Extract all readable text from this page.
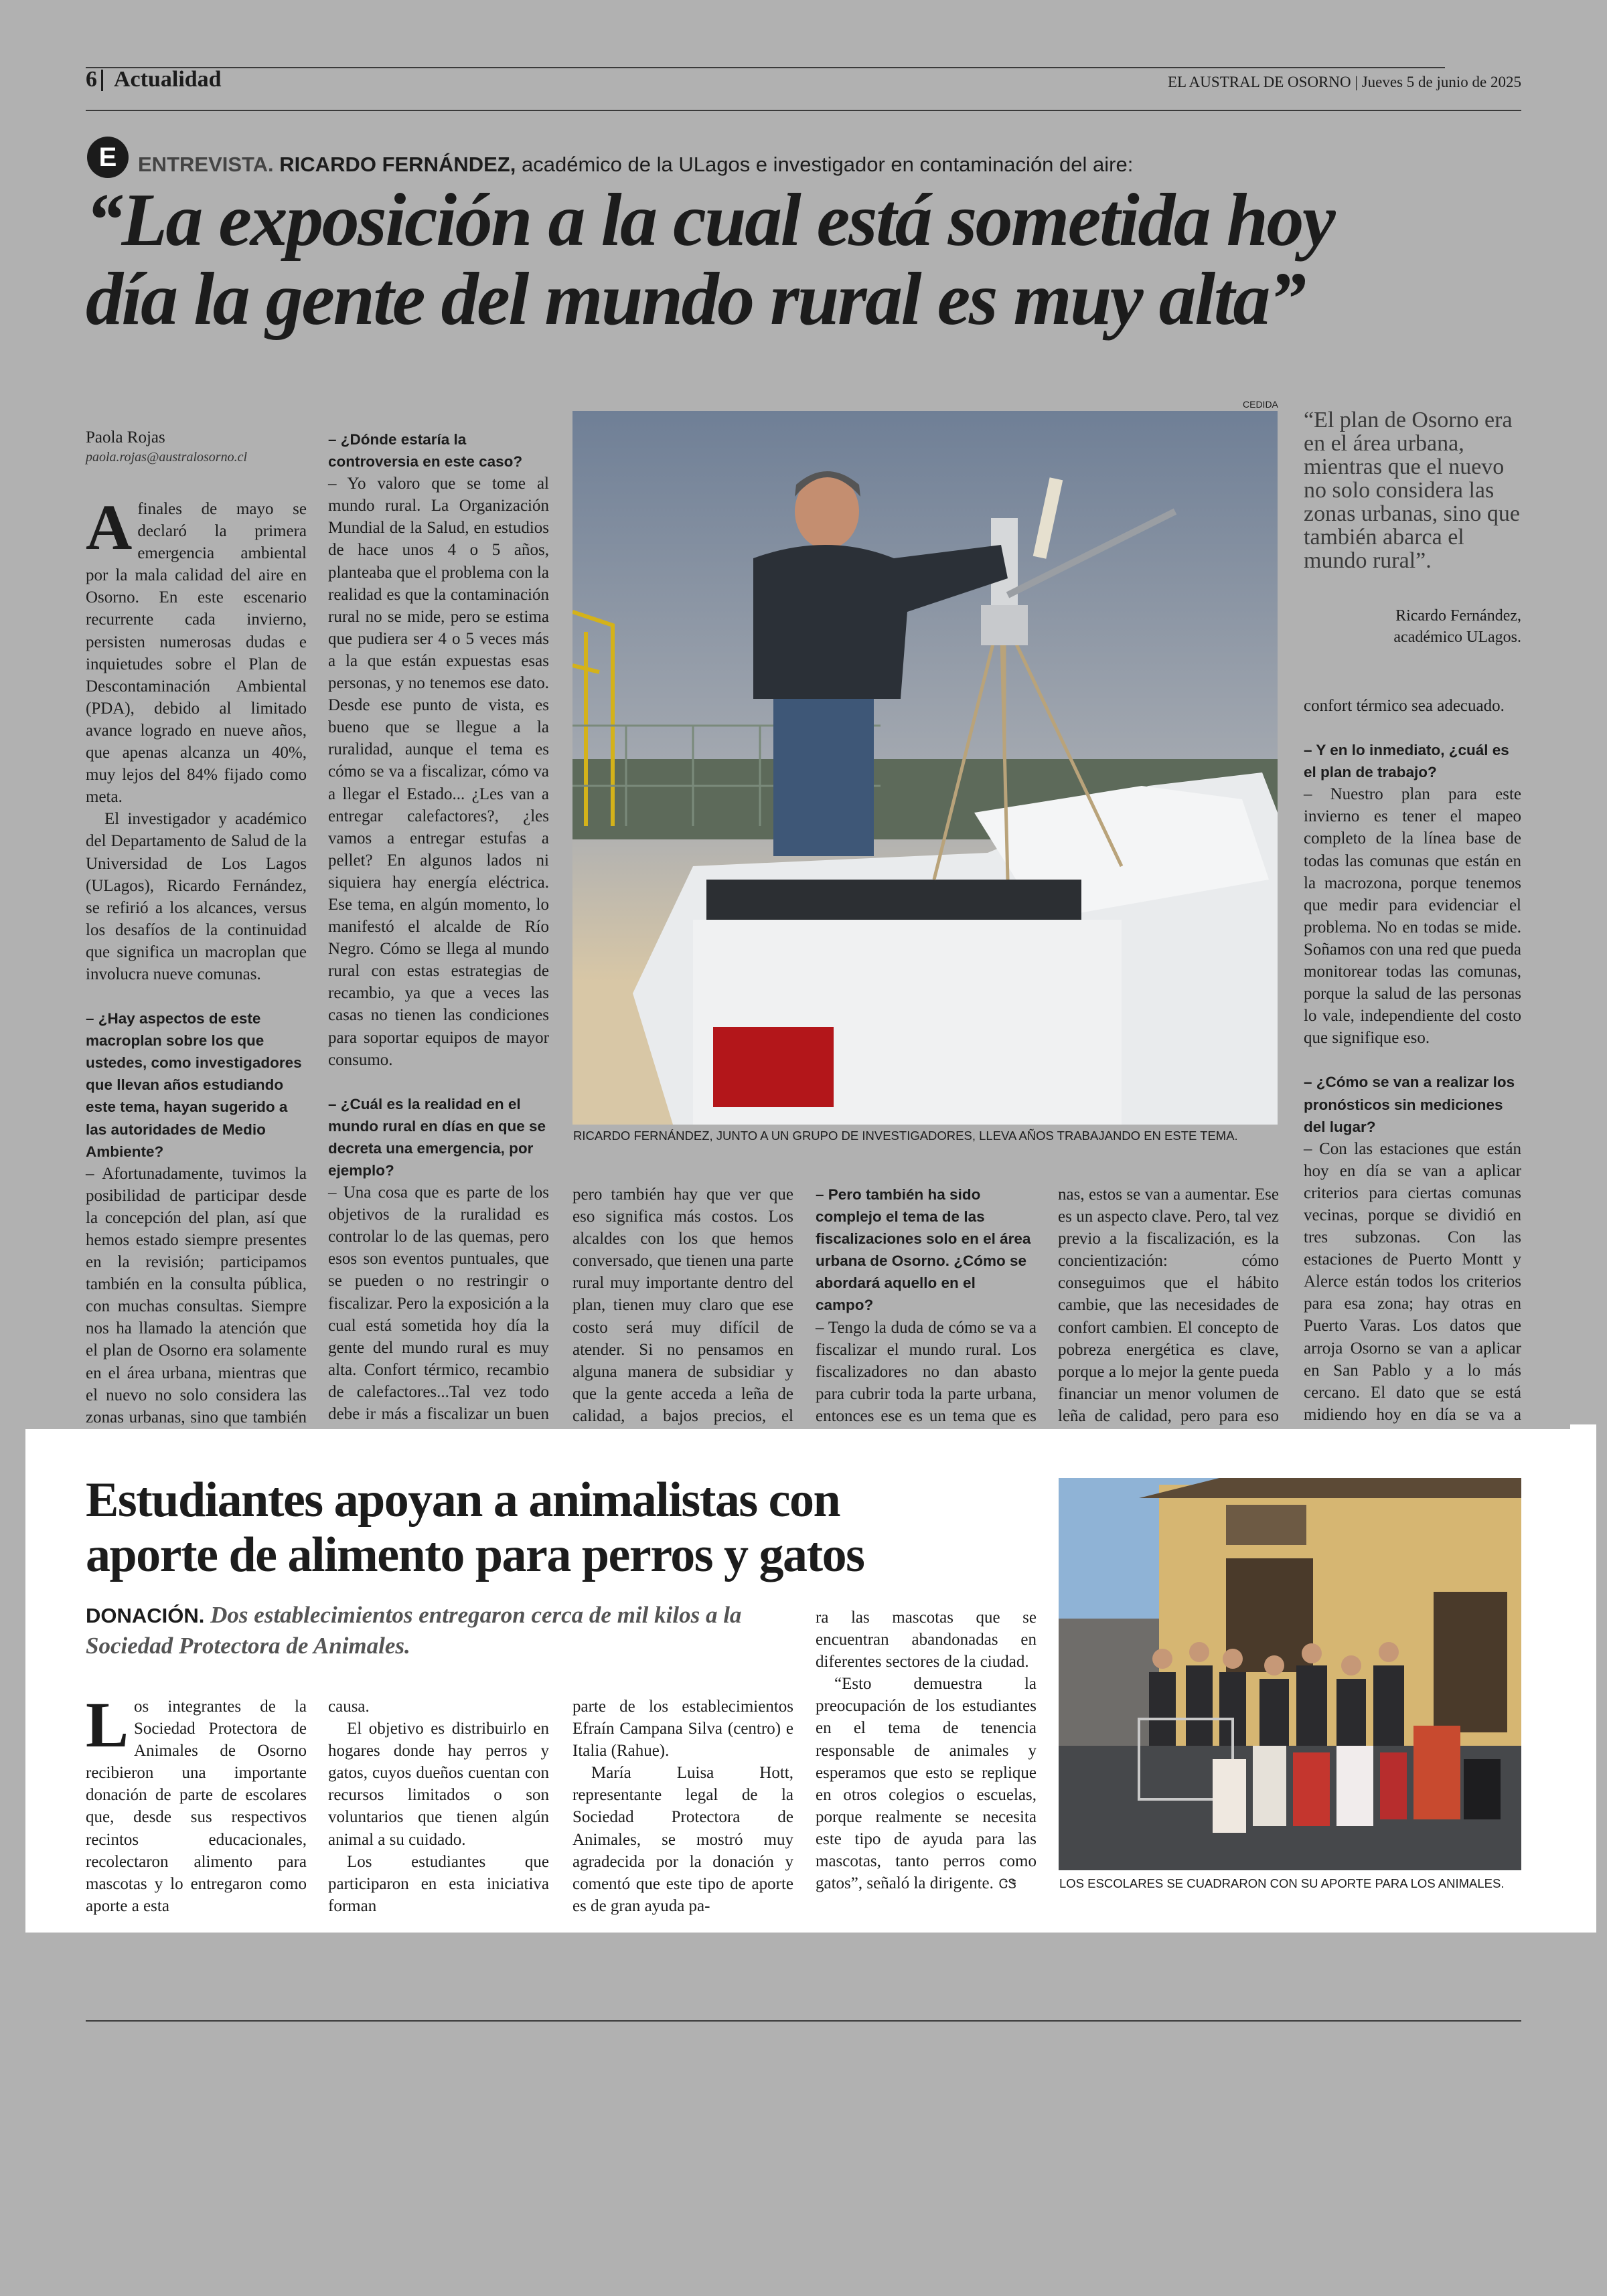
6 Actualidad	EL AUSTRAL DE OSORNO | Jueves 5 de junio de 2025
E	ENTREVISTA. RICARDO FERNÁNDEZ, académico de la ULagos e investigador en contaminación del aire:
“La exposición a la cual está sometida hoy
día la gente del mundo rural es muy alta”
Paola Rojas
paola.rojas@australosorno.cl

Afinales de mayo se declaró la primera emergencia ambiental por la mala calidad del aire en Osorno. En este escenario recurrente cada invierno, persisten numerosas dudas e inquietudes sobre el Plan de Descontaminación Ambiental (PDA), debido al limitado avance logrado en nueve años, que apenas alcanza un 40%, muy lejos del 84% fijado como meta.

El investigador y académico del Departamento de Salud de la Universidad de Los Lagos (ULagos), Ricardo Fernández, se refirió a los alcances, versus los desafíos de la continuidad que significa un macroplan que involucra nueve comunas.

– ¿Hay aspectos de este macroplan sobre los que ustedes, como investigadores que llevan años estudiando este tema, hayan sugerido a las autoridades de Medio Ambiente?

– Afortunadamente, tuvimos la posibilidad de participar desde la concepción del plan, así que hemos estado siempre presentes en la revisión; participamos también en la consulta pública, con muchas consultas. Siempre nos ha llamado la atención que el plan de Osorno era solamente en el área urbana, mientras que el nuevo no solo considera las zonas urbanas, sino que también

– ¿Dónde estaría la controversia en este caso?

– Yo valoro que se tome al mundo rural. La Organización Mundial de la Salud, en estudios de hace unos 4 o 5 años, planteaba que el problema con la realidad es que la contaminación rural no se mide, pero se estima que pudiera ser 4 o 5 veces más a la que están expuestas esas personas, y no tenemos ese dato. Desde ese punto de vista, es bueno que se llegue a la ruralidad, aunque el tema es cómo se va a fiscalizar, cómo va a llegar el Estado... ¿Les van a entregar calefactores?, ¿les vamos a entregar estufas a pellet? En algunos lados ni siquiera hay energía eléctrica. Ese tema, en algún momento, lo manifestó el alcalde de Río Negro. Cómo se llega al mundo rural con estas estrategias de recambio, ya que a veces las casas no tienen las condiciones para soportar equipos de mayor consumo.

– ¿Cuál es la realidad en el mundo rural en días en que se decreta una emergencia, por ejemplo?

– Una cosa que es parte de los objetivos de la ruralidad es controlar lo de las quemas, pero esos son eventos puntuales, que se pueden o no restringir o fiscalizar. Pero la exposición a la cual está sometida hoy día la gente del mundo rural es muy alta. Confort térmico, recambio de calefactores...Tal vez todo debe ir más a fiscalizar un buen

CEDIDA
RICARDO FERNÁNDEZ, JUNTO A UN GRUPO DE INVESTIGADORES, LLEVA AÑOS TRABAJANDO EN ESTE TEMA.

pero también hay que ver que eso significa más costos. Los alcaldes con los que hemos conversado, que tienen una parte rural muy importante dentro del plan, tienen muy claro que ese costo será muy difícil de atender. Si no pensamos en alguna manera de subsidiar y que la gente acceda a leña de calidad, a bajos precios, el

– Pero también ha sido complejo el tema de las fiscalizaciones solo en el área urbana de Osorno. ¿Cómo se abordará aquello en el campo?

– Tengo la duda de cómo se va a fiscalizar el mundo rural. Los fiscalizadores no dan abasto para cubrir toda la parte urbana, entonces ese es un tema que es

nas, estos se van a aumentar. Ese es un aspecto clave. Pero, tal vez previo a la fiscalización, es la concientización: cómo conseguimos que el hábito cambie, que las necesidades de confort cambien. El concepto de pobreza energética es clave, porque a lo mejor la gente pueda financiar un menor volumen de leña de calidad, pero para eso

“El plan de Osorno era en el área urbana, mientras que el nuevo no solo considera las zonas urbanas, sino que también abarca el mundo rural”.
Ricardo Fernández,
académico ULagos.

confort térmico sea adecuado.

– Y en lo inmediato, ¿cuál es el plan de trabajo?

– Nuestro plan para este invierno es tener el mapeo completo de la línea base de todas las comunas que están en la macrozona, porque tenemos que medir para evidenciar el problema. No en todas se mide. Soñamos con una red que pueda monitorear todas las comunas, porque la salud de las personas lo vale, independiente del costo que signifique eso.

– ¿Cómo se van a realizar los pronósticos sin mediciones del lugar?

– Con las estaciones que están hoy en día se van a aplicar criterios para ciertas comunas vecinas, porque se dividió en tres subzonas. Con las estaciones de Puerto Montt y Alerce están todos los criterios para esa zona; hay otras en Puerto Varas. Los datos que arroja Osorno se van a aplicar en San Pablo y a lo más cercano. El dato que se está midiendo hoy en día se va a

Estudiantes apoyan a animalistas con
aporte de alimento para perros y gatos
DONACIÓN. Dos establecimientos entregaron cerca de mil kilos a la Sociedad Protectora de Animales.

Los integrantes de la Sociedad Protectora de Animales de Osorno recibieron una importante donación de parte de escolares que, desde sus respectivos recintos educacionales, recolectaron alimento para mascotas y lo entregaron como aporte a esta

causa.

El objetivo es distribuirlo en hogares donde hay perros y gatos, cuyos dueños cuentan con recursos limitados o son voluntarios que tienen algún animal a su cuidado.

Los estudiantes que participaron en esta iniciativa forman

parte de los establecimientos Efraín Campana Silva (centro) e Italia (Rahue).

María Luisa Hott, representante legal de la Sociedad Protectora de Animales, se mostró muy agradecida por la donación y comentó que este tipo de aporte es de gran ayuda pa-

ra las mascotas que se encuentran abandonadas en diferentes sectores de la ciudad.

“Esto demuestra la preocupación de los estudiantes en el tema de tenencia responsable de animales y esperamos que esto se replique en otros colegios o escuelas, porque realmente se necesita este tipo de ayuda para las mascotas, tanto perros como gatos”, señaló la dirigente. ᏣᏕ	LOS ESCOLARES SE CUADRARON CON SU APORTE PARA LOS ANIMALES.
